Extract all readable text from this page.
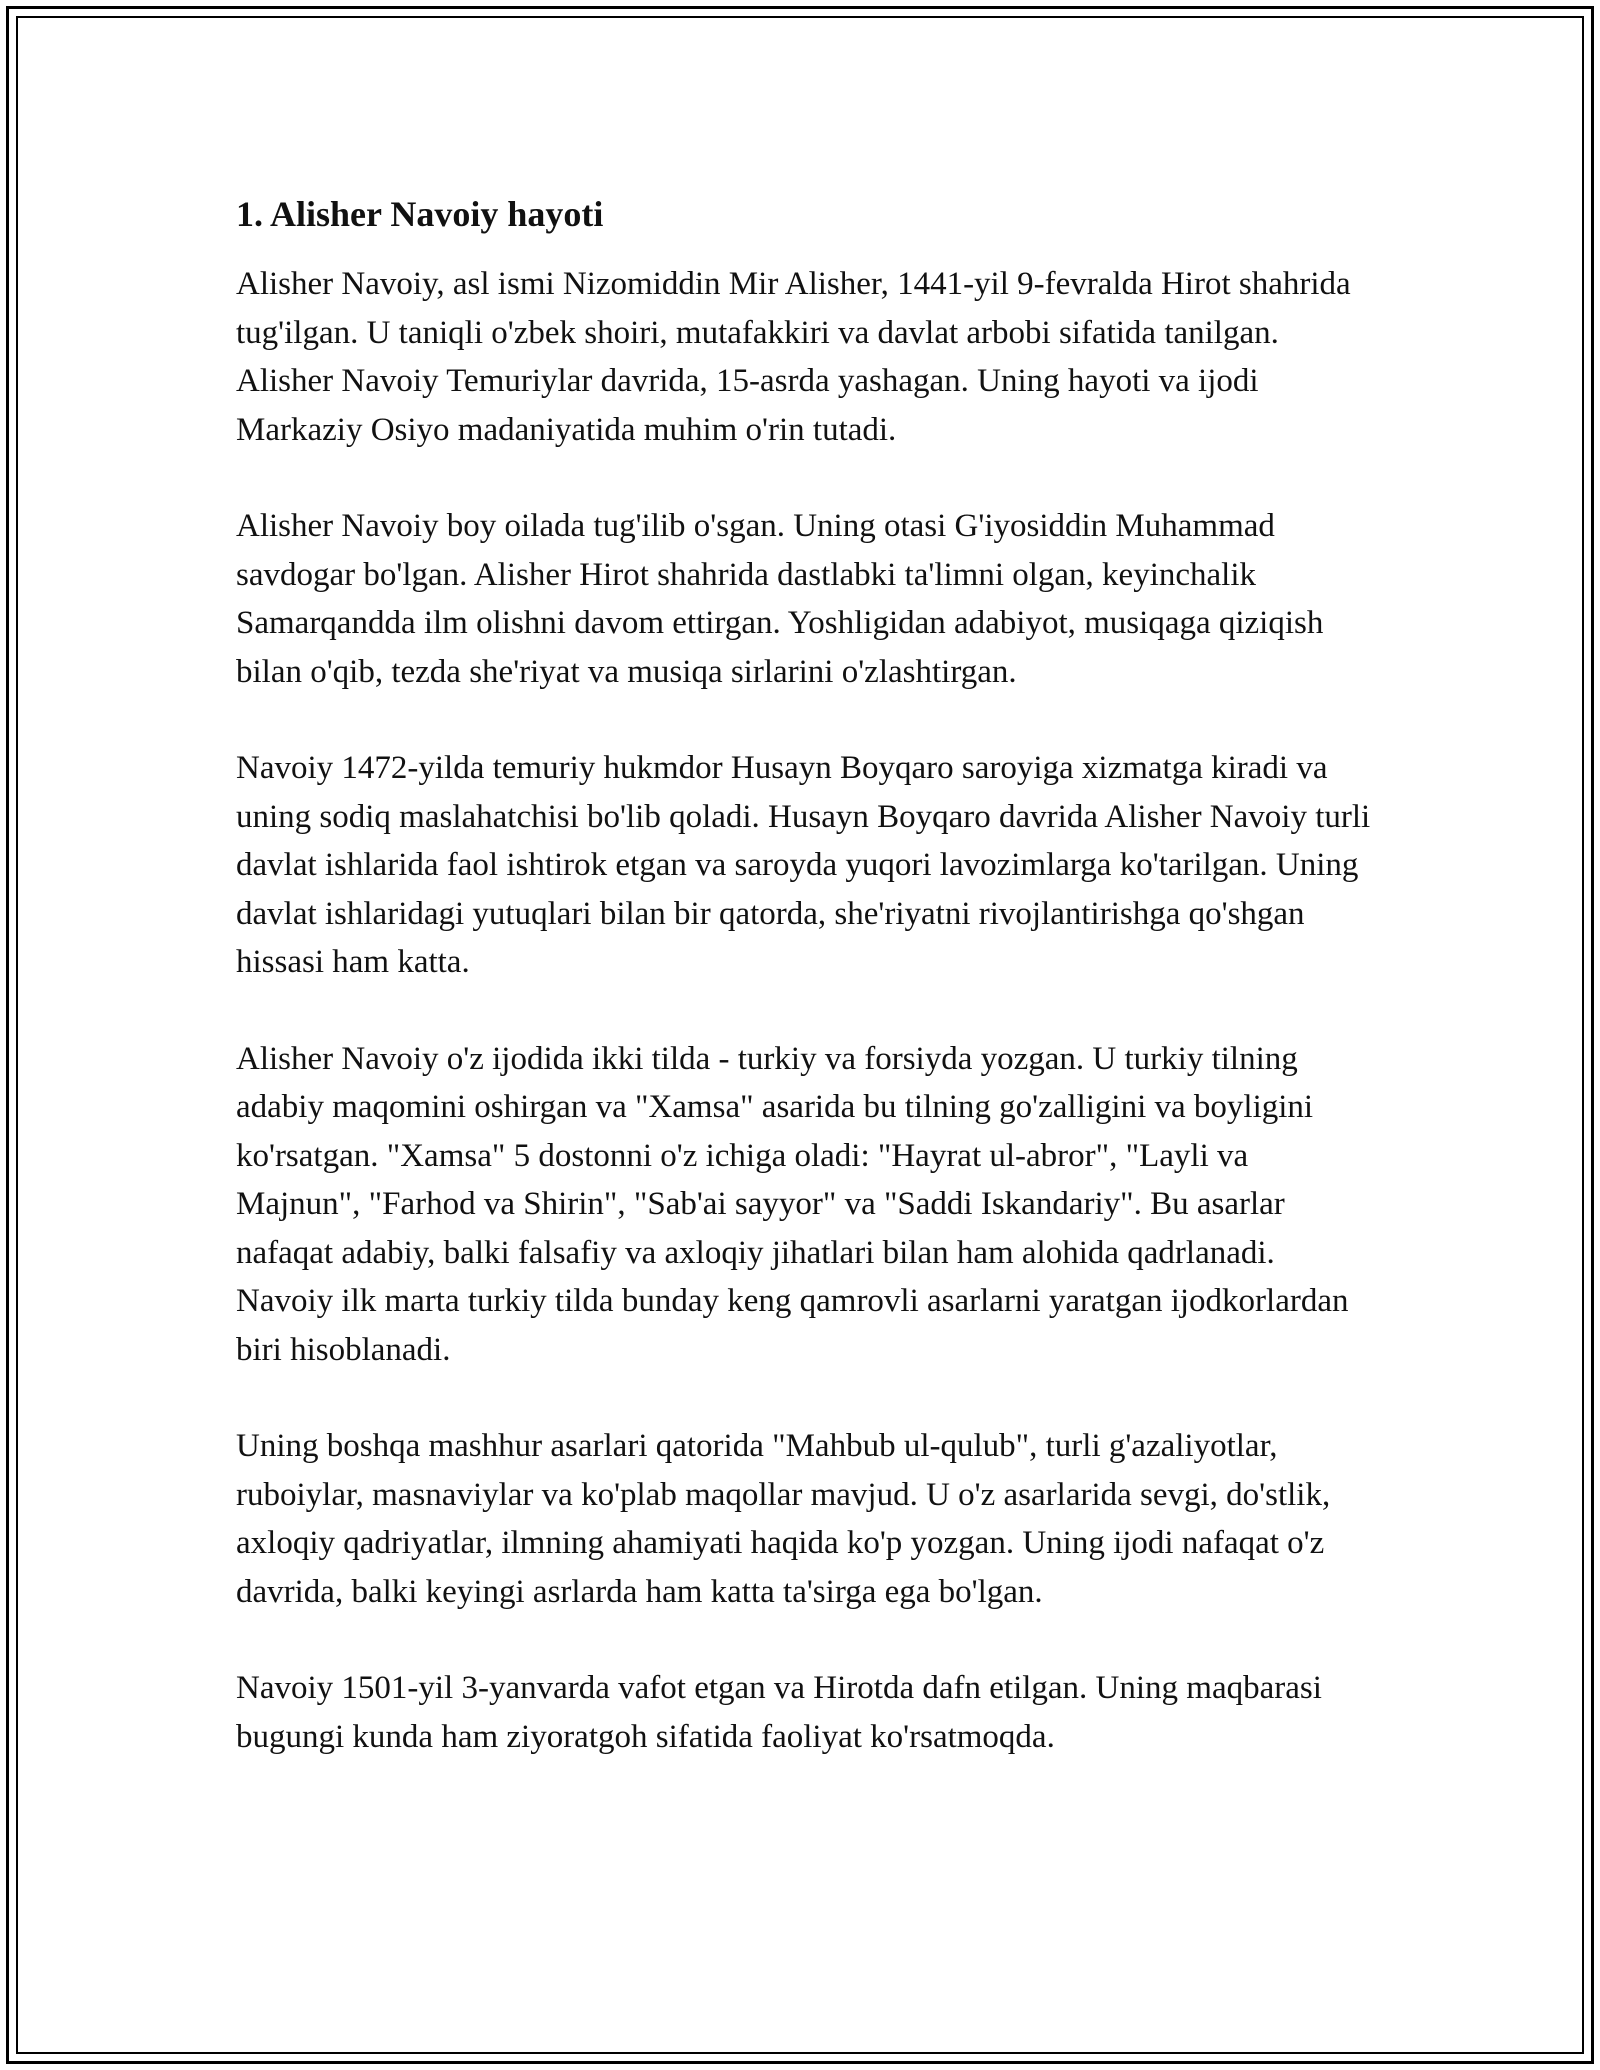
1. Alisher Navoiy hayoti

Alisher Navoiy, asl ismi Nizomiddin Mir Alisher, 1441-yil 9-fevralda Hirot shahrida tug'ilgan. U taniqli o'zbek shoiri, mutafakkiri va davlat arbobi sifatida tanilgan. Alisher Navoiy Temuriylar davrida, 15-asrda yashagan. Uning hayoti va ijodi Markaziy Osiyo madaniyatida muhim o'rin tutadi.

Alisher Navoiy boy oilada tug'ilib o'sgan. Uning otasi G'iyosiddin Muhammad savdogar bo'lgan. Alisher Hirot shahrida dastlabki ta'limni olgan, keyinchalik Samarqandda ilm olishni davom ettirgan. Yoshligidan adabiyot, musiqaga qiziqish bilan o'qib, tezda she'riyat va musiqa sirlarini o'zlashtirgan.

Navoiy 1472-yilda temuriy hukmdor Husayn Boyqaro saroyiga xizmatga kiradi va uning sodiq maslahatchisi bo'lib qoladi. Husayn Boyqaro davrida Alisher Navoiy turli davlat ishlarida faol ishtirok etgan va saroyda yuqori lavozimlarga ko'tarilgan. Uning davlat ishlaridagi yutuqlari bilan bir qatorda, she'riyatni rivojlantirishga qo'shgan hissasi ham katta.

Alisher Navoiy o'z ijodida ikki tilda - turkiy va forsiyda yozgan. U turkiy tilning adabiy maqomini oshirgan va "Xamsa" asarida bu tilning go'zalligini va boyligini ko'rsatgan. "Xamsa" 5 dostonni o'z ichiga oladi: "Hayrat ul-abror", "Layli va Majnun", "Farhod va Shirin", "Sab'ai sayyor" va "Saddi Iskandariy". Bu asarlar nafaqat adabiy, balki falsafiy va axloqiy jihatlari bilan ham alohida qadrlanadi. Navoiy ilk marta turkiy tilda bunday keng qamrovli asarlarni yaratgan ijodkorlardan biri hisoblanadi.

Uning boshqa mashhur asarlari qatorida "Mahbub ul-qulub", turli g'azaliyotlar, ruboiylar, masnaviylar va ko'plab maqollar mavjud. U o'z asarlarida sevgi, do'stlik, axloqiy qadriyatlar, ilmning ahamiyati haqida ko'p yozgan. Uning ijodi nafaqat o'z davrida, balki keyingi asrlarda ham katta ta'sirga ega bo'lgan.

Navoiy 1501-yil 3-yanvarda vafot etgan va Hirotda dafn etilgan. Uning maqbarasi bugungi kunda ham ziyoratgoh sifatida faoliyat ko'rsatmoqda.
